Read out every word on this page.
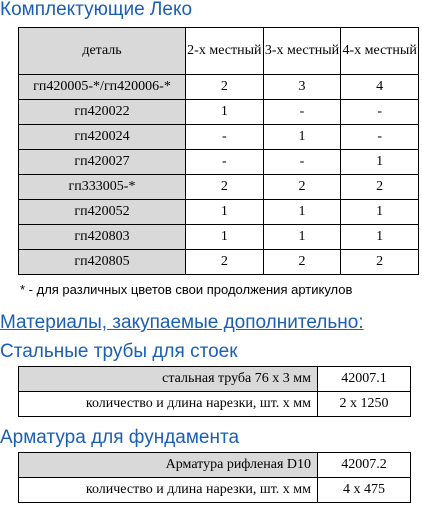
Комплектующие Леко
деталь	2-х местный	3-х местный	4-х местный
гп420005-*/гп420006-*	2	3	4
гп420022	1	-	-
гп420024	-	1	-
гп420027	-	-	1
гп333005-*	2	2	2
гп420052	1	1	1
гп420803	1	1	1
гп420805	2	2	2
* - для различных цветов свои продолжения артикулов
Материалы, закупаемые дополнительно:
Стальные трубы для стоек
стальная труба 76 х 3 мм	42007.1
количество и длина нарезки, шт. х мм	2 х 1250
Арматура для фундамента
Арматура рифленая D10	42007.2
количество и длина нарезки, шт. х мм	4 х 475
